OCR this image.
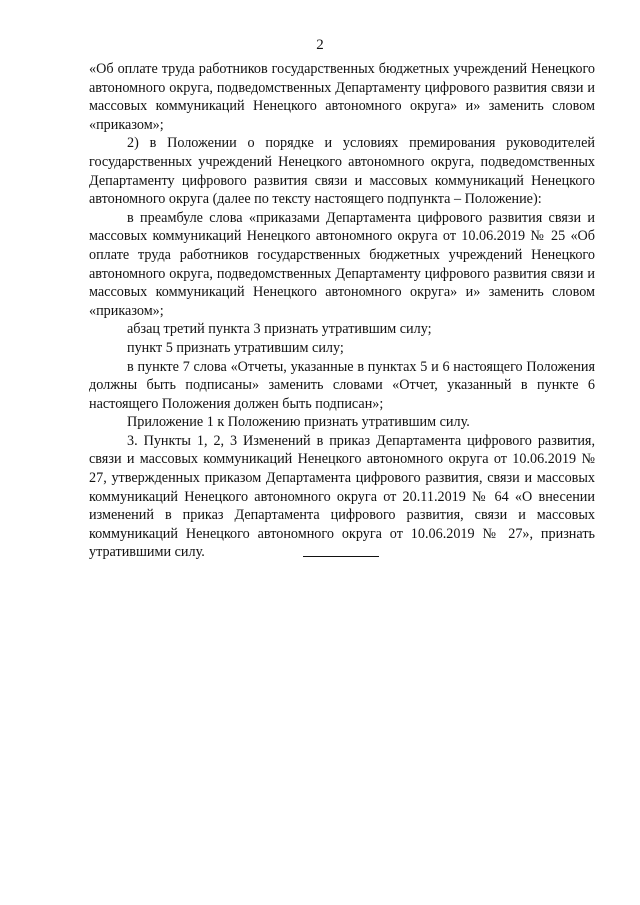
2

«Об оплате труда работников государственных бюджетных учреждений Ненецкого автономного округа, подведомственных Департаменту цифрового развития связи и массовых коммуникаций Ненецкого автономного округа» и» заменить словом «приказом»;

2) в Положении о порядке и условиях премирования руководителей государственных учреждений Ненецкого автономного округа, подведомственных Департаменту цифрового развития связи и массовых коммуникаций Ненецкого автономного округа (далее по тексту настоящего подпункта – Положение):

в преамбуле слова «приказами Департамента цифрового развития связи и массовых коммуникаций Ненецкого автономного округа от 10.06.2019 № 25 «Об оплате труда работников государственных бюджетных учреждений Ненецкого автономного округа, подведомственных Департаменту цифрового развития связи и массовых коммуникаций Ненецкого автономного округа» и» заменить словом «приказом»;

абзац третий пункта 3 признать утратившим силу;

пункт 5 признать утратившим силу;

в пункте 7 слова «Отчеты, указанные в пунктах 5 и 6 настоящего Положения должны быть подписаны» заменить словами «Отчет, указанный в пункте 6 настоящего Положения должен быть подписан»;

Приложение 1 к Положению признать утратившим силу.

3. Пункты 1, 2, 3 Изменений в приказ Департамента цифрового развития, связи и массовых коммуникаций Ненецкого автономного округа от 10.06.2019 № 27, утвержденных приказом Департамента цифрового развития, связи и массовых коммуникаций Ненецкого автономного округа от 20.11.2019 № 64 «О внесении изменений в приказ Департамента цифрового развития, связи и массовых коммуникаций Ненецкого автономного округа от 10.06.2019 № 27», признать утратившими силу.
